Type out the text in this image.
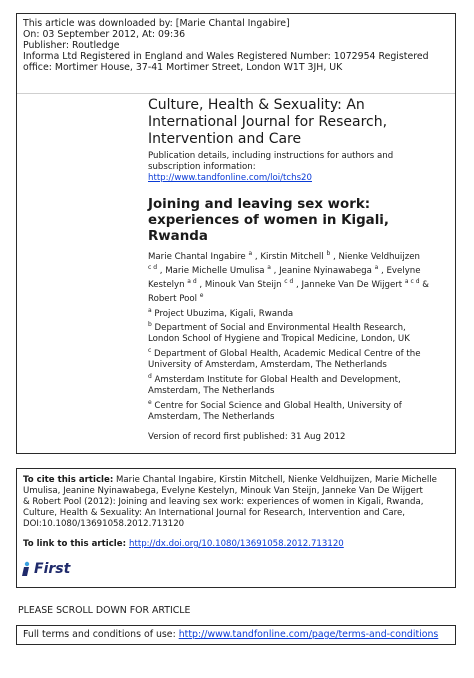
This article was downloaded by: [Marie Chantal Ingabire]
On: 03 September 2012, At: 09:36
Publisher: Routledge
Informa Ltd Registered in England and Wales Registered Number: 1072954 Registered
office: Mortimer House, 37-41 Mortimer Street, London W1T 3JH, UK
Culture, Health & Sexuality: An
International Journal for Research,
Intervention and Care
Publication details, including instructions for authors and
subscription information:
http://www.tandfonline.com/loi/tchs20
Joining and leaving sex work:
experiences of women in Kigali,
Rwanda
Marie Chantal Ingabire $^a$ , Kirstin Mitchell $^b$ , Nienke Veldhuijzen
$^{c d}$ , Marie Michelle Umulisa $^a$ , Jeanine Nyinawabega $^a$ , Evelyne
Kestelyn $^{a d}$ , Minouk Van Steijn $^{c d}$ , Janneke Van De Wijgert $^{a c d}$ &
Robert Pool $^e$
$^a$ Project Ubuzima, Kigali, Rwanda
$^b$ Department of Social and Environmental Health Research,
London School of Hygiene and Tropical Medicine, London, UK
$^c$ Department of Global Health, Academic Medical Centre of the
University of Amsterdam, Amsterdam, The Netherlands
$^d$ Amsterdam Institute for Global Health and Development,
Amsterdam, The Netherlands
$^e$ Centre for Social Science and Global Health, University of
Amsterdam, The Netherlands
Version of record first published: 31 Aug 2012
To cite this article: Marie Chantal Ingabire, Kirstin Mitchell, Nienke Veldhuijzen, Marie Michelle
Umulisa, Jeanine Nyinawabega, Evelyne Kestelyn, Minouk Van Steijn, Janneke Van De Wijgert
& Robert Pool (2012): Joining and leaving sex work: experiences of women in Kigali, Rwanda,
Culture, Health & Sexuality: An International Journal for Research, Intervention and Care,
DOI:10.1080/13691058.2012.713120
To link to this article: http://dx.doi.org/10.1080/13691058.2012.713120
First
PLEASE SCROLL DOWN FOR ARTICLE
Full terms and conditions of use: http://www.tandfonline.com/page/terms-and-conditions
